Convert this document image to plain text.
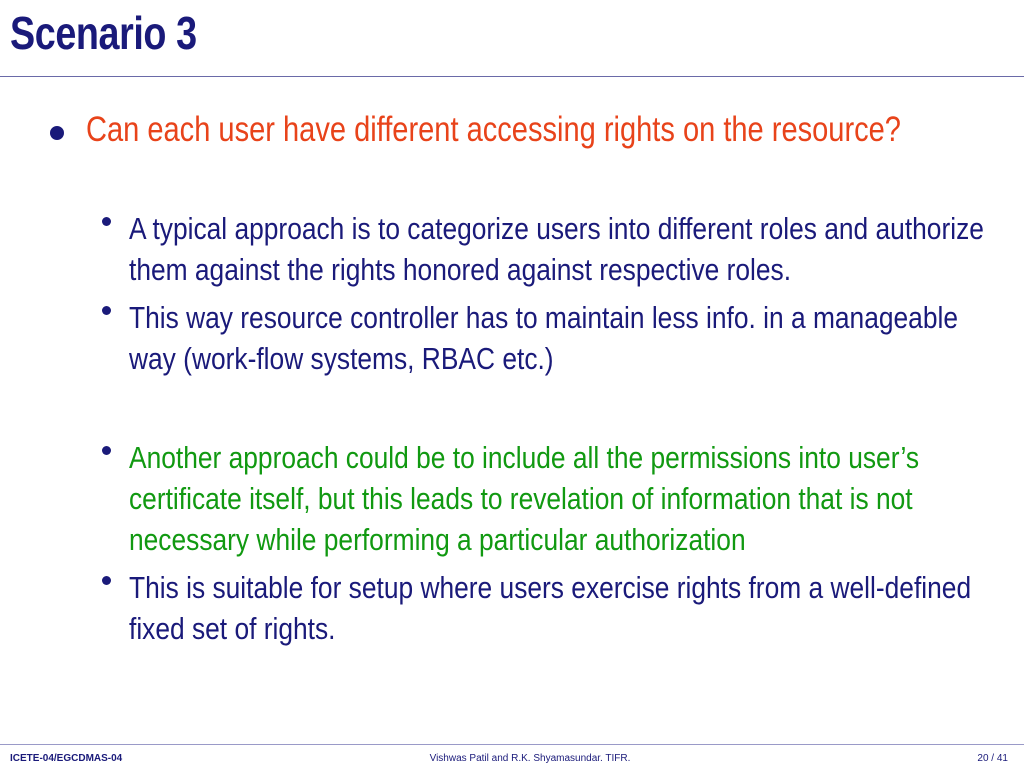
Scenario 3
Can each user have different accessing rights on the resource?
A typical approach is to categorize users into different roles and authorize them against the rights honored against respective roles.
This way resource controller has to maintain less info. in a manageable way (work-flow systems, RBAC etc.)
Another approach could be to include all the permissions into user’s certificate itself, but this leads to revelation of information that is not necessary while performing a particular authorization
This is suitable for setup where users exercise rights from a well-defined fixed set of rights.
ICETE-04/EGCDMAS-04	Vishwas Patil and R.K. Shyamasundar. TIFR.	20 / 41
